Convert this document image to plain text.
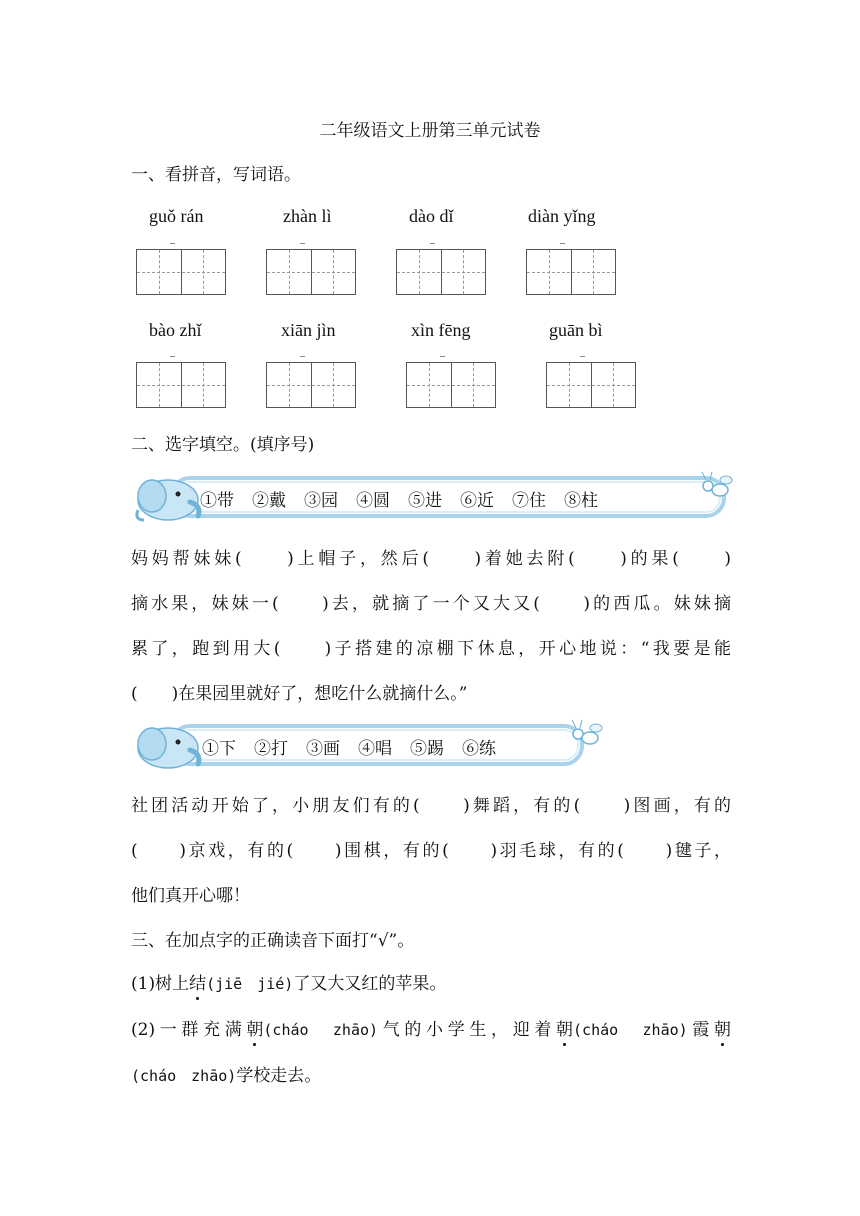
二年级语文上册第三单元试卷
一、看拼音，写词语。
guǒ rán	zhàn lì	dào dǐ	diàn yǐng
bào zhǐ	xiān jìn	xìn fēng	guān bì
二、选字填空。(填序号)
①带 ②戴 ③园 ④圆 ⑤进 ⑥近 ⑦住 ⑧柱
妈妈帮妹妹(　　)上帽子，然后(　　)着她去附(　　)的果(　　)
摘水果，妹妹一(　　)去，就摘了一个又大又(　　)的西瓜。妹妹摘
累了，跑到用大(　　)子搭建的凉棚下休息，开心地说：“我要是能
(　　)在果园里就好了，想吃什么就摘什么。”
①下 ②打 ③画 ④唱 ⑤踢 ⑥练
社团活动开始了，小朋友们有的(　　)舞蹈，有的(　　)图画，有的
(　　)京戏，有的(　　)围棋，有的(　　)羽毛球，有的(　　)毽子，
他们真开心哪！
三、在加点字的正确读音下面打“√”。
(1)树上结(jiē　jié)了又大又红的苹果。
(2)一群充满朝(cháo　zhāo)气的小学生，迎着朝(cháo　zhāo)霞朝
(cháo　zhāo)学校走去。
